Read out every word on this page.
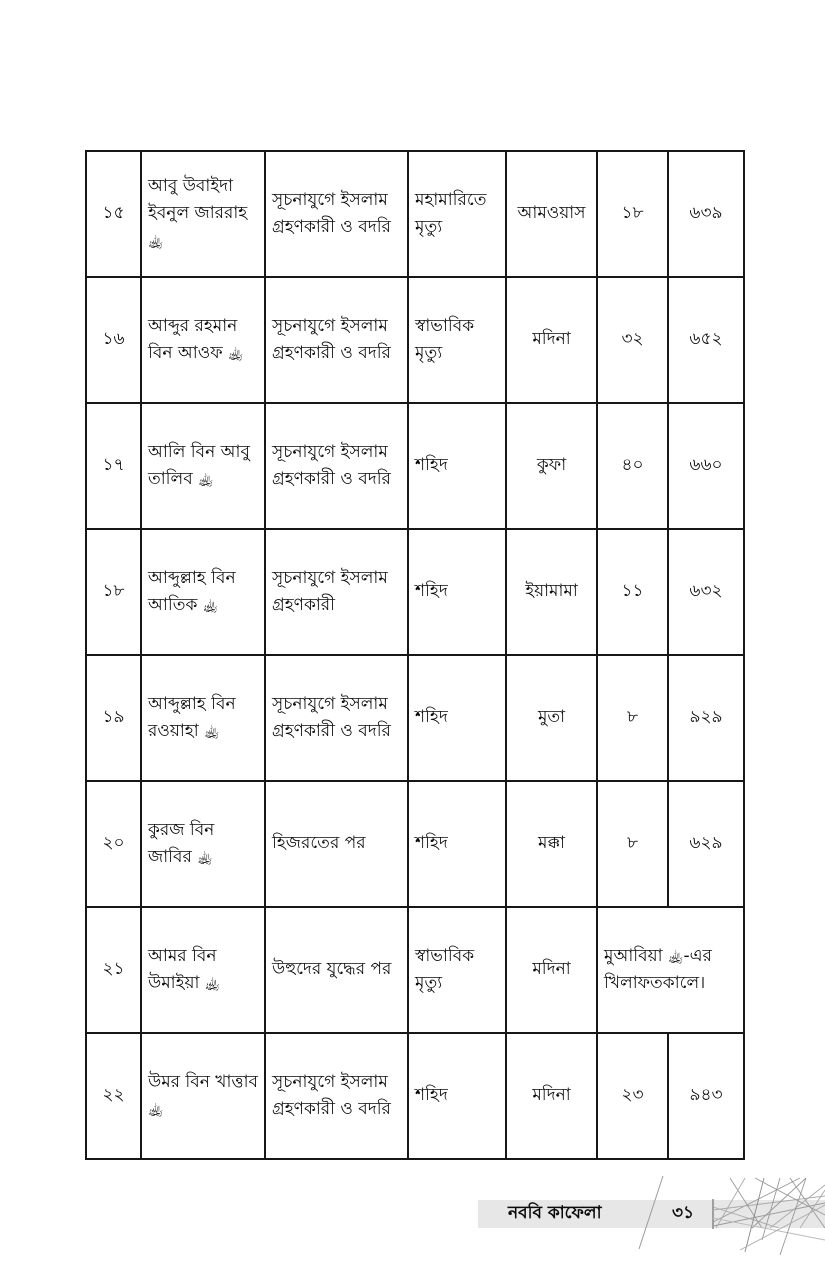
১৫	আবু উবাইদা ইবনুল জাররাহ ﵀	সূচনাযুগে ইসলাম গ্রহণকারী ও বদরি	মহামারিতে মৃত্যু	আমওয়াস	১৮	৬৩৯
১৬	আব্দুর রহমান বিন আওফ ﵀	সূচনাযুগে ইসলাম গ্রহণকারী ও বদরি	স্বাভাবিক মৃত্যু	মদিনা	৩২	৬৫২
১৭	আলি বিন আবু তালিব ﵀	সূচনাযুগে ইসলাম গ্রহণকারী ও বদরি	শহিদ	কুফা	৪০	৬৬০
১৮	আব্দুল্লাহ বিন আতিক ﵀	সূচনাযুগে ইসলাম গ্রহণকারী	শহিদ	ইয়ামামা	১১	৬৩২
১৯	আব্দুল্লাহ বিন রওয়াহা ﵀	সূচনাযুগে ইসলাম গ্রহণকারী ও বদরি	শহিদ	মুতা	৮	৯২৯
২০	কুরজ বিন জাবির ﵀	হিজরতের পর	শহিদ	মক্কা	৮	৬২৯
২১	আমর বিন উমাইয়া ﵀	উহুদের যুদ্ধের পর	স্বাভাবিক মৃত্যু	মদিনা	মুআবিয়া ﵀-এর খিলাফতকালে।	
২২	উমর বিন খাত্তাব ﵀	সূচনাযুগে ইসলাম গ্রহণকারী ও বদরি	শহিদ	মদিনা	২৩	৯৪৩
নববি কাফেলা	৩১
